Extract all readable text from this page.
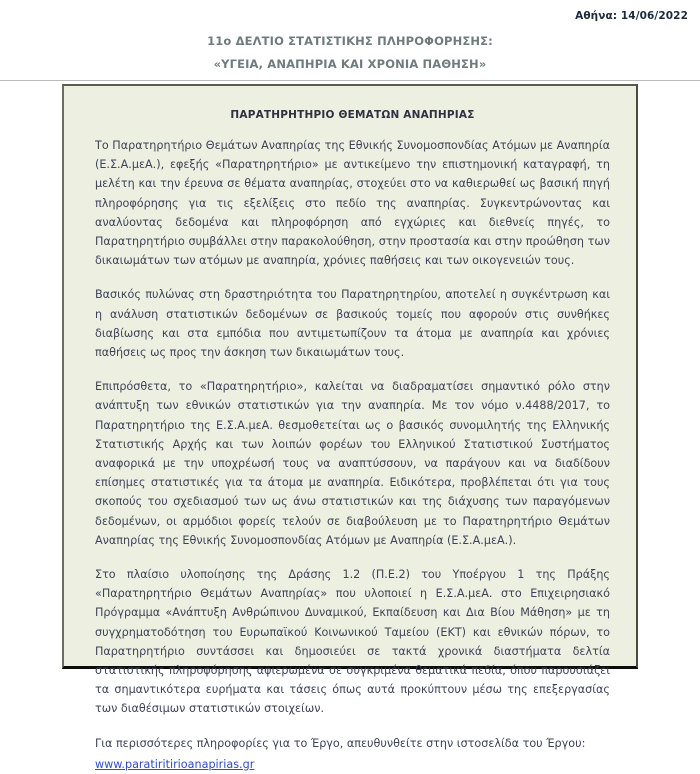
Αθήνα: 14/06/2022
11ο ΔΕΛΤΙΟ ΣΤΑΤΙΣΤΙΚΗΣ ΠΛΗΡΟΦΟΡΗΣΗΣ:
«ΥΓΕΙΑ, ΑΝΑΠΗΡΙΑ ΚΑΙ ΧΡΟΝΙΑ ΠΑΘΗΣΗ»
ΠΑΡΑΤΗΡΗΤΗΡΙΟ ΘΕΜΑΤΩΝ ΑΝΑΠΗΡΙΑΣ

Το Παρατηρητήριο Θεμάτων Αναπηρίας της Εθνικής Συνομοσπονδίας Ατόμων με Αναπηρία (Ε.Σ.Α.μεΑ.), εφεξής «Παρατηρητήριο» με αντικείμενο την επιστημονική καταγραφή, τη μελέτη και την έρευνα σε θέματα αναπηρίας, στοχεύει στο να καθιερωθεί ως βασική πηγή πληροφόρησης για τις εξελίξεις στο πεδίο της αναπηρίας. Συγκεντρώνοντας και αναλύοντας δεδομένα και πληροφόρηση από εγχώριες και διεθνείς πηγές, το Παρατηρητήριο συμβάλλει στην παρακολούθηση, στην προστασία και στην προώθηση των δικαιωμάτων των ατόμων με αναπηρία, χρόνιες παθήσεις και των οικογενειών τους.

Βασικός πυλώνας στη δραστηριότητα του Παρατηρητηρίου, αποτελεί η συγκέντρωση και η ανάλυση στατιστικών δεδομένων σε βασικούς τομείς που αφορούν στις συνθήκες διαβίωσης και στα εμπόδια που αντιμετωπίζουν τα άτομα με αναπηρία και χρόνιες παθήσεις ως προς την άσκηση των δικαιωμάτων τους.

Επιπρόσθετα, το «Παρατηρητήριο», καλείται να διαδραματίσει σημαντικό ρόλο στην ανάπτυξη των εθνικών στατιστικών για την αναπηρία. Με τον νόμο ν.4488/2017, το Παρατηρητήριο της Ε.Σ.Α.μεΑ. θεσμοθετείται ως ο βασικός συνομιλητής της Ελληνικής Στατιστικής Αρχής και των λοιπών φορέων του Ελληνικού Στατιστικού Συστήματος αναφορικά με την υποχρέωσή τους να αναπτύσσουν, να παράγουν και να διαδίδουν επίσημες στατιστικές για τα άτομα με αναπηρία. Ειδικότερα, προβλέπεται ότι για τους σκοπούς του σχεδιασμού των ως άνω στατιστικών και της διάχυσης των παραγόμενων δεδομένων, οι αρμόδιοι φορείς τελούν σε διαβούλευση με το Παρατηρητήριο Θεμάτων Αναπηρίας της Εθνικής Συνομοσπονδίας Ατόμων με Αναπηρία (Ε.Σ.Α.μεΑ.).

Στο πλαίσιο υλοποίησης της Δράσης 1.2 (Π.Ε.2) του Υποέργου 1 της Πράξης «Παρατηρητήριο Θεμάτων Αναπηρίας» που υλοποιεί η Ε.Σ.Α.μεΑ. στο Επιχειρησιακό Πρόγραμμα «Ανάπτυξη Ανθρώπινου Δυναμικού, Εκπαίδευση και Δια Βίου Μάθηση» με τη συγχρηματοδότηση του Ευρωπαϊκού Κοινωνικού Ταμείου (ΕΚΤ) και εθνικών πόρων, το Παρατηρητήριο συντάσσει και δημοσιεύει σε τακτά χρονικά διαστήματα δελτία στατιστικής πληροφόρησης αφιερωμένα σε συγκριμένα θεματικά πεδία, όπου παρουσιάζει τα σημαντικότερα ευρήματα και τάσεις όπως αυτά προκύπτουν μέσω της επεξεργασίας των διαθέσιμων στατιστικών στοιχείων.

Για περισσότερες πληροφορίες για το Έργο, απευθυνθείτε στην ιστοσελίδα του Έργου:

www.paratiritirioanapirias.gr
